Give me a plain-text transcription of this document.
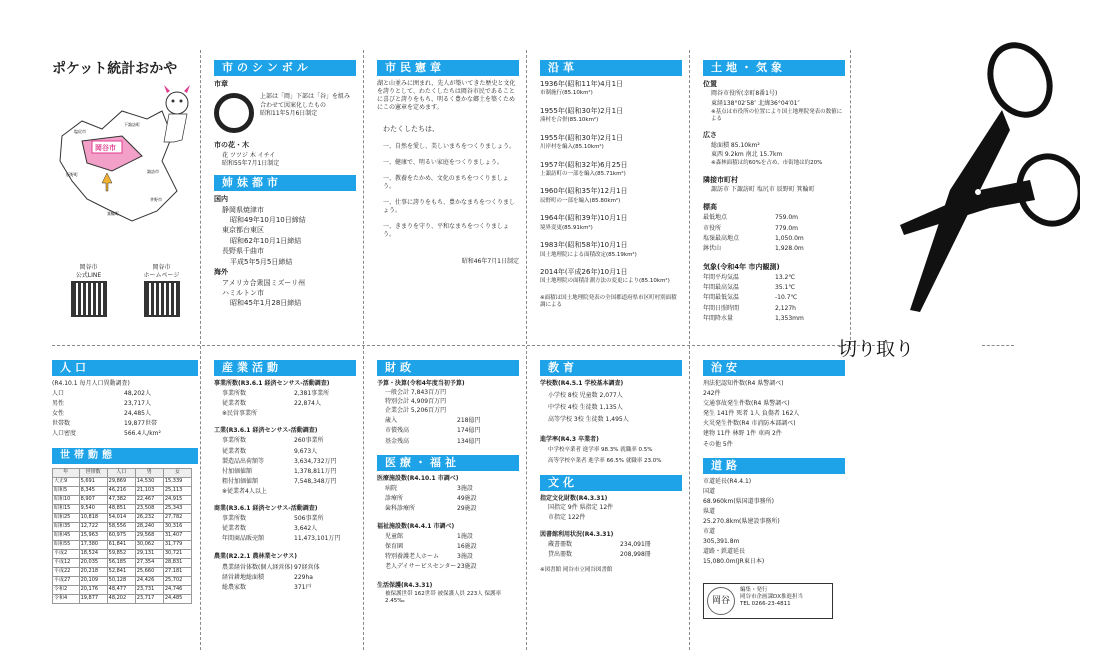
ポケット統計おかや
岡谷市
塩尻市
下諏訪町
辰野町
諏訪市
茅野市
箕輪町
岡谷市
公式LINE
岡谷市
ホームページ
市のシンボル
市章
上部は「岡」下部は「谷」を組み合わせて図案化したもの
昭和11年5月6日制定
市の花・木
花 ツツジ 木 イチイ
昭和55年7月1日制定
姉妹都市
国内
静岡県焼津市
昭和49年10月10日締結
東京都台東区
昭和62年10月1日締結
長野県千曲市
平成5年5月5日締結
海外
アメリカ合衆国ミズーリ州
ハミルトン市
昭和45年1月28日締結
市民憲章
湖と山並みに囲まれ、先人が築いてきた歴史と文化を誇りとして、わたくしたちは岡谷市民であることに喜びと誇りをもち、明るく豊かな郷土を築くためにこの憲章を定めます。
わたくしたちは、
一、自然を愛し、美しいまちをつくりましょう。
一、健康で、明るい家庭をつくりましょう。
一、教養をたかめ、文化のまちをつくりましょう。
一、仕事に誇りをもち、豊かなまちをつくりましょう。
一、きまりを守り、平和なまちをつくりましょう。
昭和46年7月1日制定
沿革
1936年(昭和11年)4月1日
市制施行(85.10km²)
1955年(昭和30年)2月1日
湊村を合併(85.10km²)
1955年(昭和30年)2月1日
川岸村を編入(85.10km²)
1957年(昭和32年)6月25日
上諏訪町の一部を編入(85.71km²)
1960年(昭和35年)12月1日
辰野町の一部を編入(85.80km²)
1964年(昭和39年)10月1日
境界変更(85.91km²)
1983年(昭和58年)10月1日
国土地理院による面積改定(85.19km²)
2014年(平成26年)10月1日
国土地理院の面積計測方法の変更により(85.10km²)
※面積は国土地理院発表の全国都道府県市区町村別面積調による
土地・気象
位置
岡谷市役所(幸町8番1号)
東経138°02′58″ 北緯36°04′01″
※基点は市役所の位置により国土地理院発表の数値による
広さ
総面積 85.10km²
東西 9.2km 南北 15.7km
※森林面積は約60%を占め、市街地は約20%
隣接市町村
諏訪市 下諏訪町 塩尻市 辰野町 箕輪町
標高
最低地点	759.0m
市役所	779.0m
塩嶺最高地点	1,050.0m
鉢伏山	1,928.0m
気象(令和4年 市内観測)
年間平均気温	13.2℃
年間最高気温	35.1℃
年間最低気温	-10.7℃
年間日照時間	2,127h
年間降水量	1,353mm
人口
(R4.10.1 毎月人口異動調査)
人口	48,202人
男性	23,717人
女性	24,485人
世帯数	19,877世帯
人口密度	566.4人/km²
世帯動態
年	世帯数	人口	男	女
大正9	5,691	29,869	14,530	15,339
昭和5	8,345	46,216	21,103	25,113
昭和10	8,907	47,382	22,467	24,915
昭和15	9,540	48,851	23,508	25,343
昭和25	10,818	54,014	26,232	27,782
昭和35	12,722	58,556	28,240	30,316
昭和45	15,963	60,975	29,568	31,407
昭和55	17,380	61,841	30,062	31,779
平成2	18,524	59,852	29,131	30,721
平成12	20,035	56,185	27,354	28,831
平成22	20,218	52,841	25,660	27,181
平成27	20,109	50,128	24,426	25,702
令和2	20,176	48,477	23,731	24,746
令和4	19,877	48,202	23,717	24,485
産業活動
事業所数(R3.6.1 経済センサス-活動調査)
事業所数	2,381事業所
従業者数	22,874人
※民営事業所
工業(R3.6.1 経済センサス-活動調査)
事業所数	260事業所
従業者数	9,673人
製造品出荷額等	3,634,732万円
付加価値額	1,378,811万円
粗付加価値額	7,548,348万円
※従業者4人以上
商業(R3.6.1 経済センサス-活動調査)
事業所数	506事業所
従業者数	3,642人
年間商品販売額	11,473,101万円
農業(R2.2.1 農林業センサス)
農業経営体数(個人経営体) 97経営体
経営耕地総面積	229ha
総農家数	371戸
財政
予算・決算(令和4年度当初予算)
一般会計 7,843百万円
特別会計 4,909百万円
企業会計 5,206百万円
歳入	218億円
市債残高	174億円
基金残高	134億円
医療・福祉
医療施設数(R4.10.1 市調べ)
病院	3施設
診療所	49施設
歯科診療所	29施設
福祉施設数(R4.4.1 市調べ)
児童館	1施設
保育園	16施設
特別養護老人ホーム	3施設
老人デイサービスセンター 23施設
生活保護(R4.3.31)
被保護世帯 162世帯 被保護人員 223人 保護率 2.45‰
教育
学校数(R4.5.1 学校基本調査)
小学校 8校 児童数 2,077人
中学校 4校 生徒数 1,135人
高等学校 3校 生徒数 1,495人
進学率(R4.3 卒業者)
中学校卒業者 進学率 98.3% 就職率 0.5%
高等学校卒業者 進学率 66.5% 就職率 23.0%
文化
指定文化財数(R4.3.31)
国指定 9件 県指定 12件
市指定 122件
図書館利用状況(R4.3.31)
蔵書冊数	234,091冊
貸出冊数	208,998冊
※図書館 岡谷市立岡谷図書館
治安
刑法犯認知件数(R4 県警調べ)
242件
交通事故発生件数(R4 県警調べ)
発生 141件 死者 1人 負傷者 162人
火災発生件数(R4 市消防本部調べ)
建物 11件 林野 1件 車両 2件
その他 5件
道路
市道延長(R4.4.1)
国道
68.960km(県国道事務所)
県道
25.270.8km(県建設事務所)
市道
305,391.8m
道路・鉄道延長
15,080.0m(JR東日本)
岡谷
編集・発行
岡谷市企画課DX推進担当
TEL 0266-23-4811
切り取り
